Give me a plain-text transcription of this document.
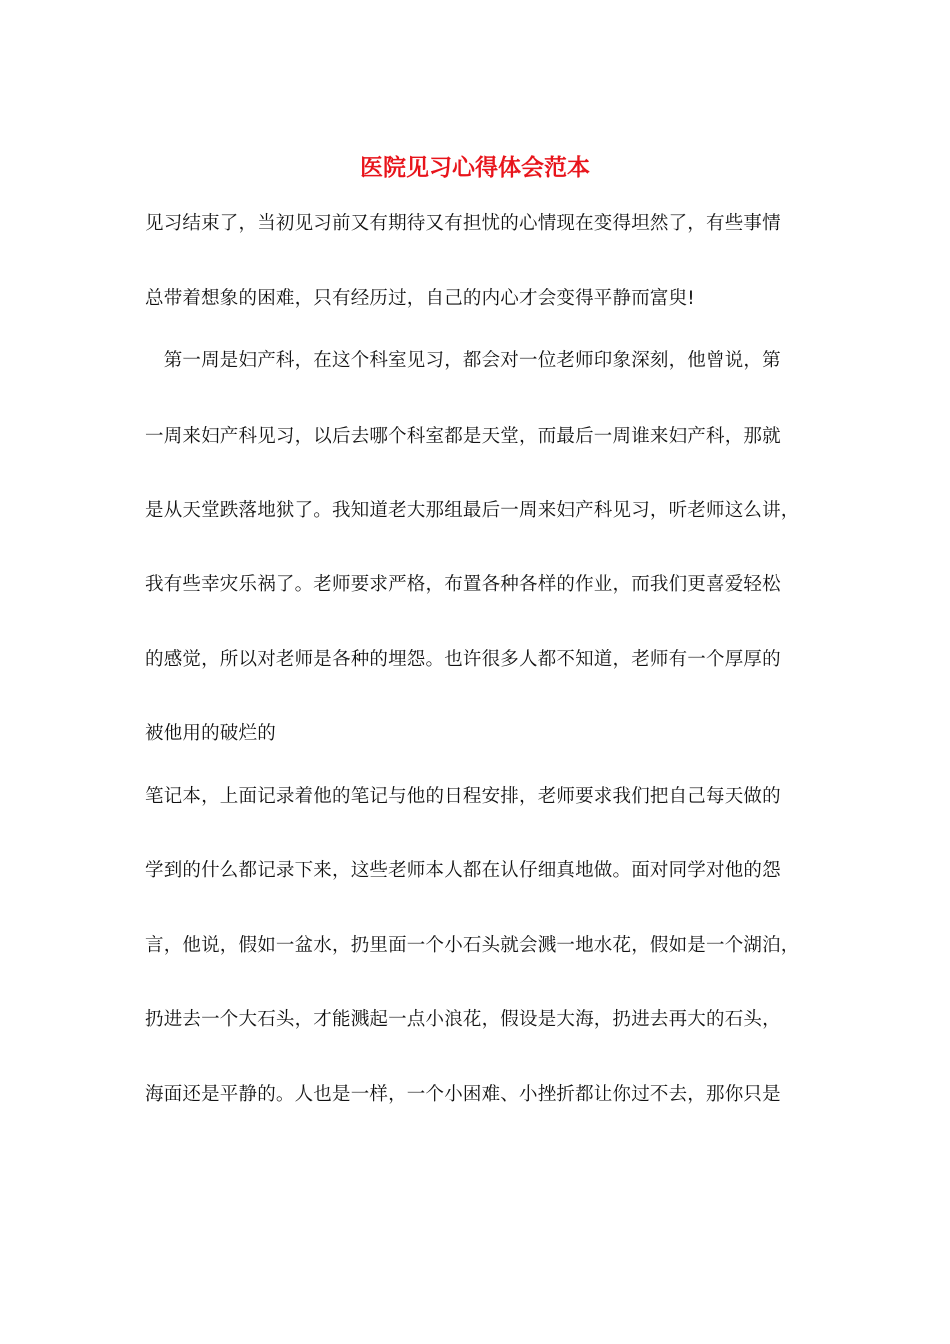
医院见习心得体会范本
见习结束了，当初见习前又有期待又有担忧的心情现在变得坦然了，有些事情
总带着想象的困难，只有经历过，自己的内心才会变得平静而富臾!
　第一周是妇产科，在这个科室见习，都会对一位老师印象深刻，他曾说，第
一周来妇产科见习，以后去哪个科室都是天堂，而最后一周谁来妇产科，那就
是从天堂跌落地狱了。我知道老大那组最后一周来妇产科见习，听老师这么讲，
我有些幸灾乐祸了。老师要求严格，布置各种各样的作业，而我们更喜爱轻松
的感觉，所以对老师是各种的埋怨。也许很多人都不知道，老师有一个厚厚的
被他用的破烂的
笔记本，上面记录着他的笔记与他的日程安排，老师要求我们把自己每天做的
学到的什么都记录下来，这些老师本人都在认仔细真地做。面对同学对他的怨
言，他说，假如一盆水，扔里面一个小石头就会溅一地水花，假如是一个湖泊，
扔进去一个大石头，才能溅起一点小浪花，假设是大海，扔进去再大的石头，
海面还是平静的。人也是一样，一个小困难、小挫折都让你过不去，那你只是
